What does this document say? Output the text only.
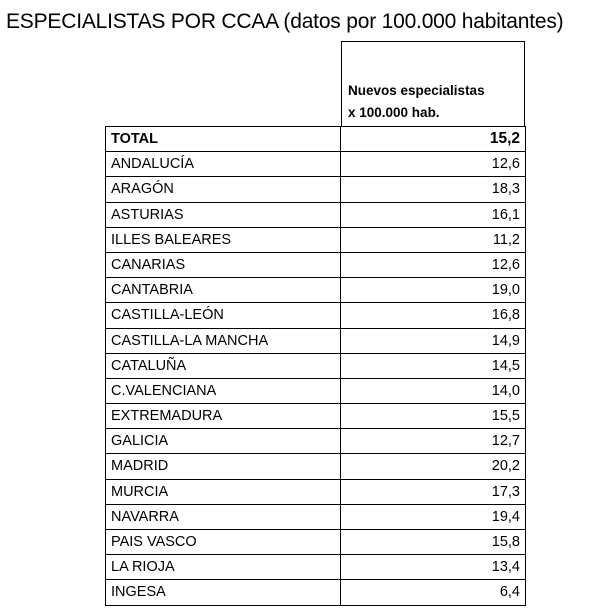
ESPECIALISTAS POR CCAA (datos por 100.000 habitantes)
Nuevos especialistas
x 100.000 hab.
TOTAL	15,2
ANDALUCÍA	12,6
ARAGÓN	18,3
ASTURIAS	16,1
ILLES BALEARES	11,2
CANARIAS	12,6
CANTABRIA	19,0
CASTILLA-LEÓN	16,8
CASTILLA-LA MANCHA	14,9
CATALUÑA	14,5
C.VALENCIANA	14,0
EXTREMADURA	15,5
GALICIA	12,7
MADRID	20,2
MURCIA	17,3
NAVARRA	19,4
PAIS VASCO	15,8
LA RIOJA	13,4
INGESA	6,4
